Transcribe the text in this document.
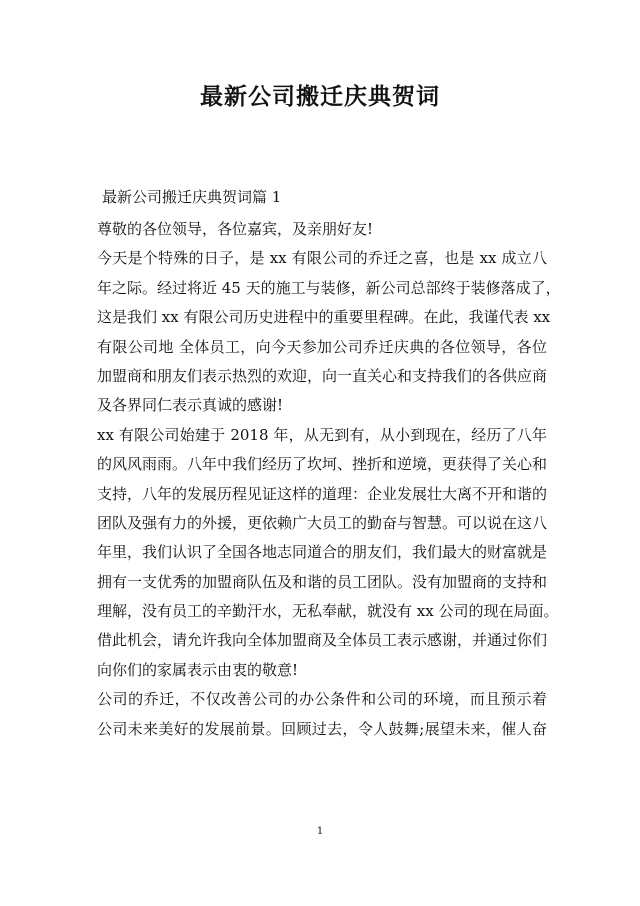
最新公司搬迁庆典贺词

最新公司搬迁庆典贺词篇 1

尊敬的各位领导，各位嘉宾，及亲朋好友!

今天是个特殊的日子，是 xx 有限公司的乔迁之喜，也是 xx 成立八
年之际。经过将近 45 天的施工与装修，新公司总部终于装修落成了，
这是我们 xx 有限公司历史进程中的重要里程碑。在此，我谨代表 xx
有限公司地 全体员工，向今天参加公司乔迁庆典的各位领导，各位
加盟商和朋友们表示热烈的欢迎，向一直关心和支持我们的各供应商
及各界同仁表示真诚的感谢!

xx 有限公司始建于 2018 年，从无到有，从小到现在，经历了八年
的风风雨雨。八年中我们经历了坎坷、挫折和逆境，更获得了关心和
支持，八年的发展历程见证这样的道理：企业发展壮大离不开和谐的
团队及强有力的外援，更依赖广大员工的勤奋与智慧。可以说在这八
年里，我们认识了全国各地志同道合的朋友们，我们最大的财富就是
拥有一支优秀的加盟商队伍及和谐的员工团队。没有加盟商的支持和
理解，没有员工的辛勤汗水，无私奉献，就没有 xx 公司的现在局面。
借此机会，请允许我向全体加盟商及全体员工表示感谢，并通过你们
向你们的家属表示由衷的敬意!

公司的乔迁，不仅改善公司的办公条件和公司的环境，而且预示着
公司未来美好的发展前景。回顾过去，令人鼓舞;展望未来，催人奋

1
